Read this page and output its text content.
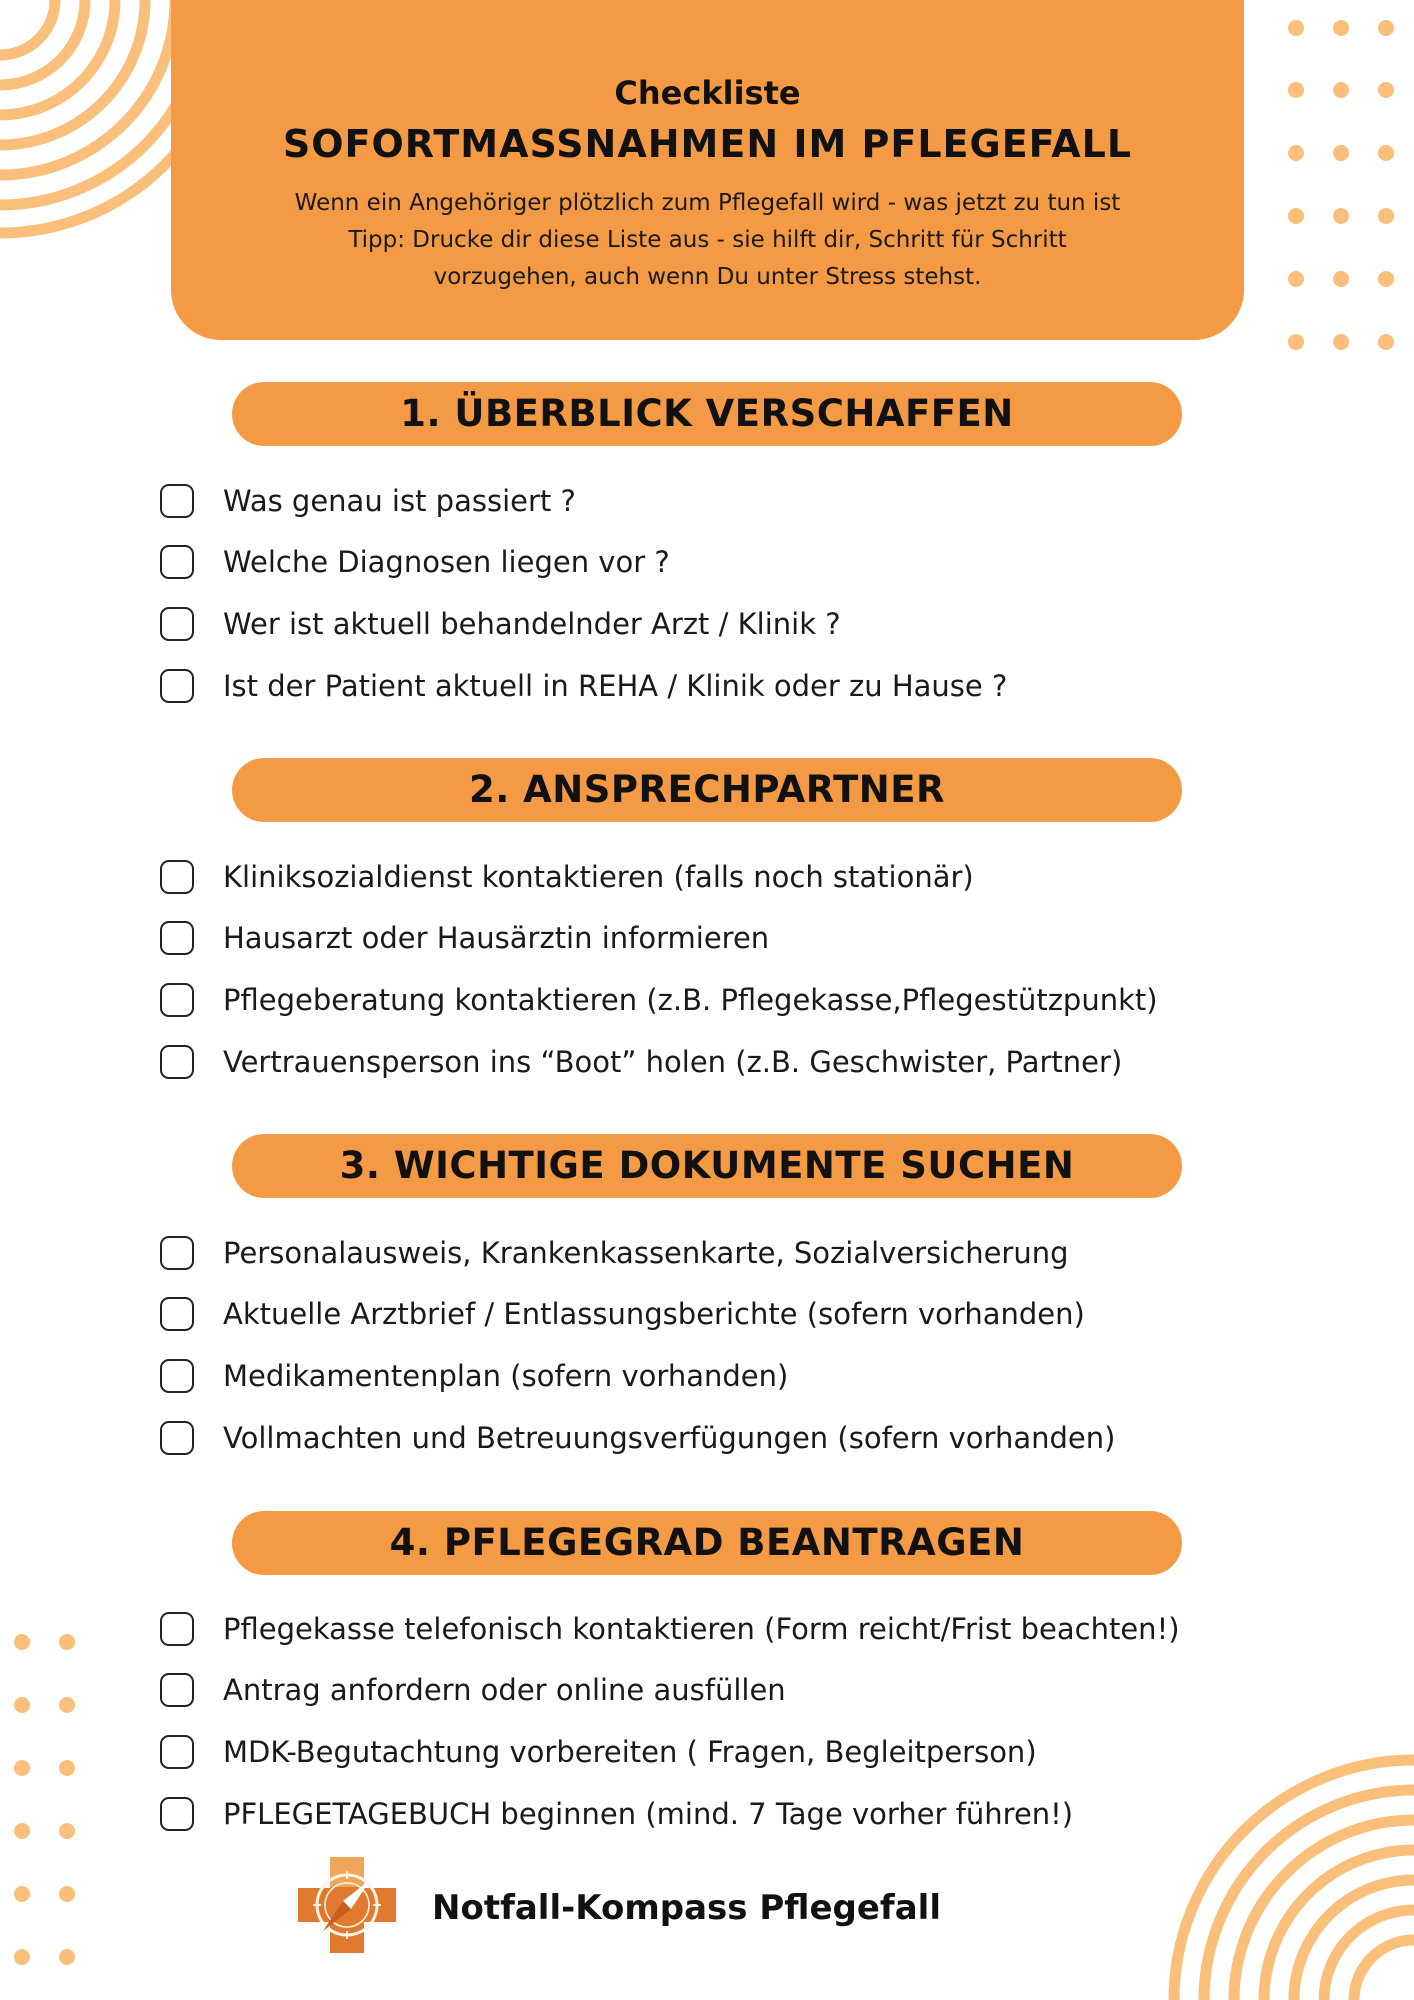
Checkliste
SOFORTMASSNAHMEN IM PFLEGEFALL
Wenn ein Angehöriger plötzlich zum Pflegefall wird - was jetzt zu tun ist
Tipp: Drucke dir diese Liste aus - sie hilft dir, Schritt für Schritt
vorzugehen, auch wenn Du unter Stress stehst.
1. ÜBERBLICK VERSCHAFFEN
Was genau ist passiert ?
Welche Diagnosen liegen vor ?
Wer ist aktuell behandelnder Arzt / Klinik ?
Ist der Patient aktuell in REHA / Klinik oder zu Hause ?
2. ANSPRECHPARTNER
Kliniksozialdienst kontaktieren (falls noch stationär)
Hausarzt oder Hausärztin informieren
Pflegeberatung kontaktieren (z.B. Pflegekasse,Pflegestützpunkt)
Vertrauensperson ins “Boot” holen (z.B. Geschwister, Partner)
3. WICHTIGE DOKUMENTE SUCHEN
Personalausweis, Krankenkassenkarte, Sozialversicherung
Aktuelle Arztbrief / Entlassungsberichte (sofern vorhanden)
Medikamentenplan (sofern vorhanden)
Vollmachten und Betreuungsverfügungen (sofern vorhanden)
4. PFLEGEGRAD BEANTRAGEN
Pflegekasse telefonisch kontaktieren (Form reicht/Frist beachten!)
Antrag anfordern oder online ausfüllen
MDK-Begutachtung vorbereiten ( Fragen, Begleitperson)
PFLEGETAGEBUCH beginnen (mind. 7 Tage vorher führen!)
Notfall-Kompass Pflegefall
